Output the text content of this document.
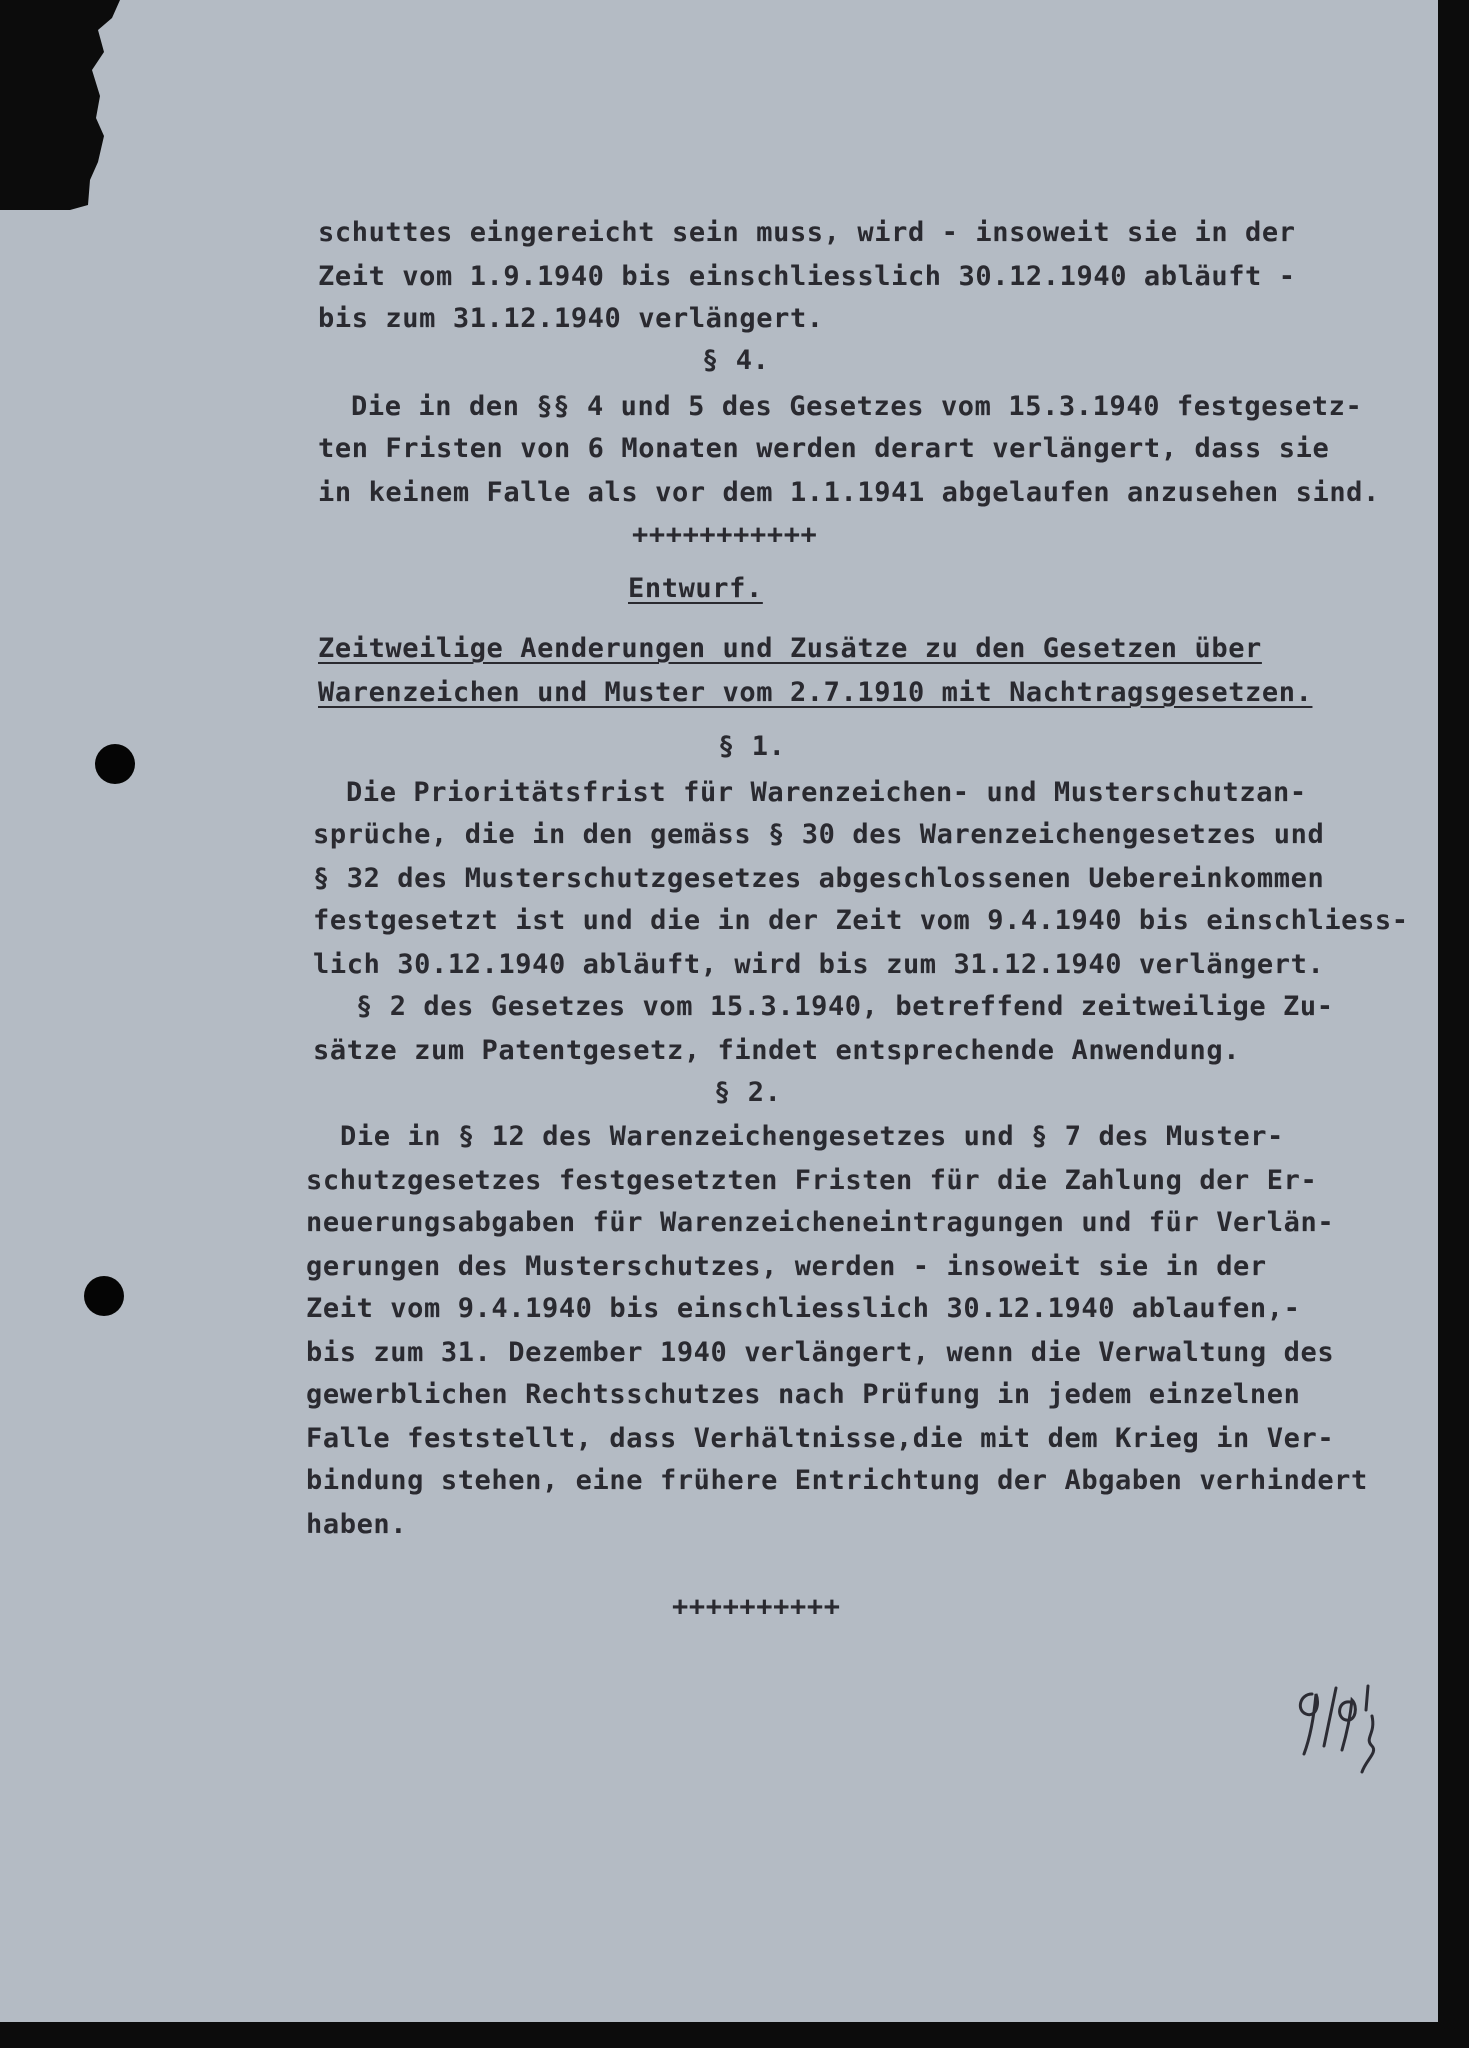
schuttes eingereicht sein muss, wird - insoweit sie in der

Zeit vom 1.9.1940 bis einschliesslich 30.12.1940 abläuft -

bis zum 31.12.1940 verlängert.

§ 4.

Die in den §§ 4 und 5 des Gesetzes vom 15.3.1940 festgesetz-

ten Fristen von 6 Monaten werden derart verlängert, dass sie

in keinem Falle als vor dem 1.1.1941 abgelaufen anzusehen sind.

+++++++++++

Entwurf.

Zeitweilige Aenderungen und Zusätze zu den Gesetzen über

Warenzeichen und Muster vom 2.7.1910 mit Nachtragsgesetzen.

§ 1.

Die Prioritätsfrist für Warenzeichen- und Musterschutzan-

sprüche, die in den gemäss § 30 des Warenzeichengesetzes und

§ 32 des Musterschutzgesetzes abgeschlossenen Uebereinkommen

festgesetzt ist und die in der Zeit vom 9.4.1940 bis einschliess-

lich 30.12.1940 abläuft, wird bis zum 31.12.1940 verlängert.

§ 2 des Gesetzes vom 15.3.1940, betreffend zeitweilige Zu-

sätze zum Patentgesetz, findet entsprechende Anwendung.

§ 2.

Die in § 12 des Warenzeichengesetzes und § 7 des Muster-

schutzgesetzes festgesetzten Fristen für die Zahlung der Er-

neuerungsabgaben für Warenzeicheneintragungen und für Verlän-

gerungen des Musterschutzes, werden - insoweit sie in der

Zeit vom 9.4.1940 bis einschliesslich 30.12.1940 ablaufen,-

bis zum 31. Dezember 1940 verlängert, wenn die Verwaltung des

gewerblichen Rechtsschutzes nach Prüfung in jedem einzelnen

Falle feststellt, dass Verhältnisse,die mit dem Krieg in Ver-

bindung stehen, eine frühere Entrichtung der Abgaben verhindert

haben.

++++++++++
